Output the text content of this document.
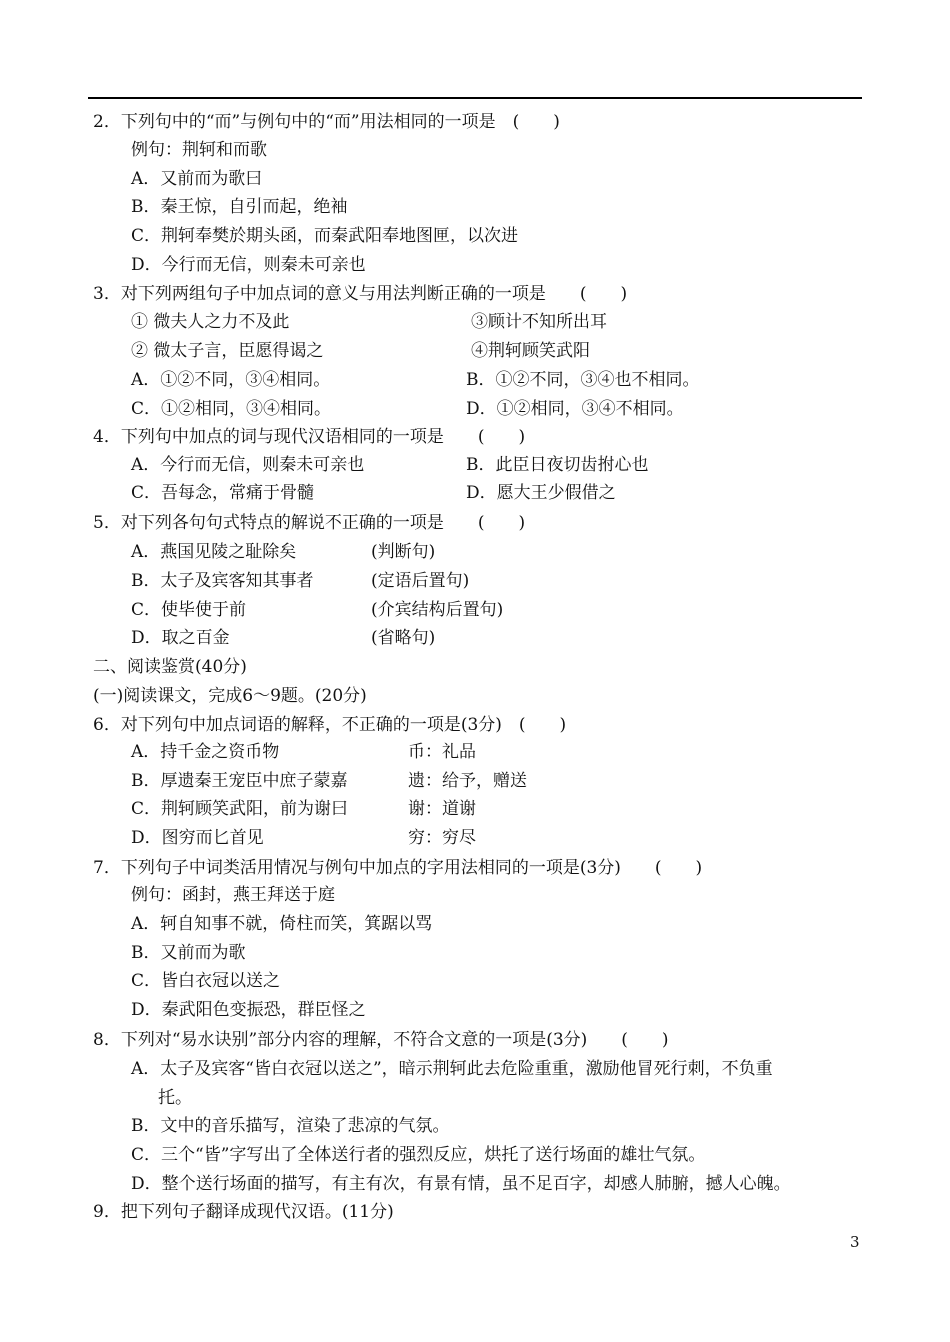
2．下列句中的“而”与例句中的“而”用法相同的一项是　(　　)
例句：荆轲和而歌
A．又前而为歌曰
B．秦王惊，自引而起，绝袖
C．荆轲奉樊於期头函，而秦武阳奉地图匣，以次进
D．今行而无信，则秦未可亲也
3．对下列两组句子中加点词的意义与用法判断正确的一项是　　(　　)
① 微夫人之力不及此	③顾计不知所出耳
② 微太子言，臣愿得谒之	④荆轲顾笑武阳
A．①②不同，③④相同。	B．①②不同，③④也不相同。
C．①②相同，③④相同。	D．①②相同，③④不相同。
4．下列句中加点的词与现代汉语相同的一项是　　(　　)
A．今行而无信，则秦未可亲也	B．此臣日夜切齿拊心也
C．吾每念，常痛于骨髓	D．愿大王少假借之
5．对下列各句句式特点的解说不正确的一项是　　(　　)
A．燕国见陵之耻除矣	(判断句)
B．太子及宾客知其事者	(定语后置句)
C．使毕使于前	(介宾结构后置句)
D．取之百金	(省略句)
二、阅读鉴赏(40分)
(一)阅读课文，完成6～9题。(20分)
6．对下列句中加点词语的解释，不正确的一项是(3分)　(　　)
A．持千金之资币物	币：礼品
B．厚遗秦王宠臣中庶子蒙嘉	遗：给予，赠送
C．荆轲顾笑武阳，前为谢曰	谢：道谢
D．图穷而匕首见	穷：穷尽
7．下列句子中词类活用情况与例句中加点的字用法相同的一项是(3分)　　(　　)
例句：函封，燕王拜送于庭
A．轲自知事不就，倚柱而笑，箕踞以骂
B．又前而为歌
C．皆白衣冠以送之
D．秦武阳色变振恐，群臣怪之
8．下列对“易水诀别”部分内容的理解，不符合文意的一项是(3分)　　(　　)
A．太子及宾客“皆白衣冠以送之”，暗示荆轲此去危险重重，激励他冒死行刺，不负重
托。
B．文中的音乐描写，渲染了悲凉的气氛。
C．三个“皆”字写出了全体送行者的强烈反应，烘托了送行场面的雄壮气氛。
D．整个送行场面的描写，有主有次，有景有情，虽不足百字，却感人肺腑，撼人心魄。
9．把下列句子翻译成现代汉语。(11分)
3
